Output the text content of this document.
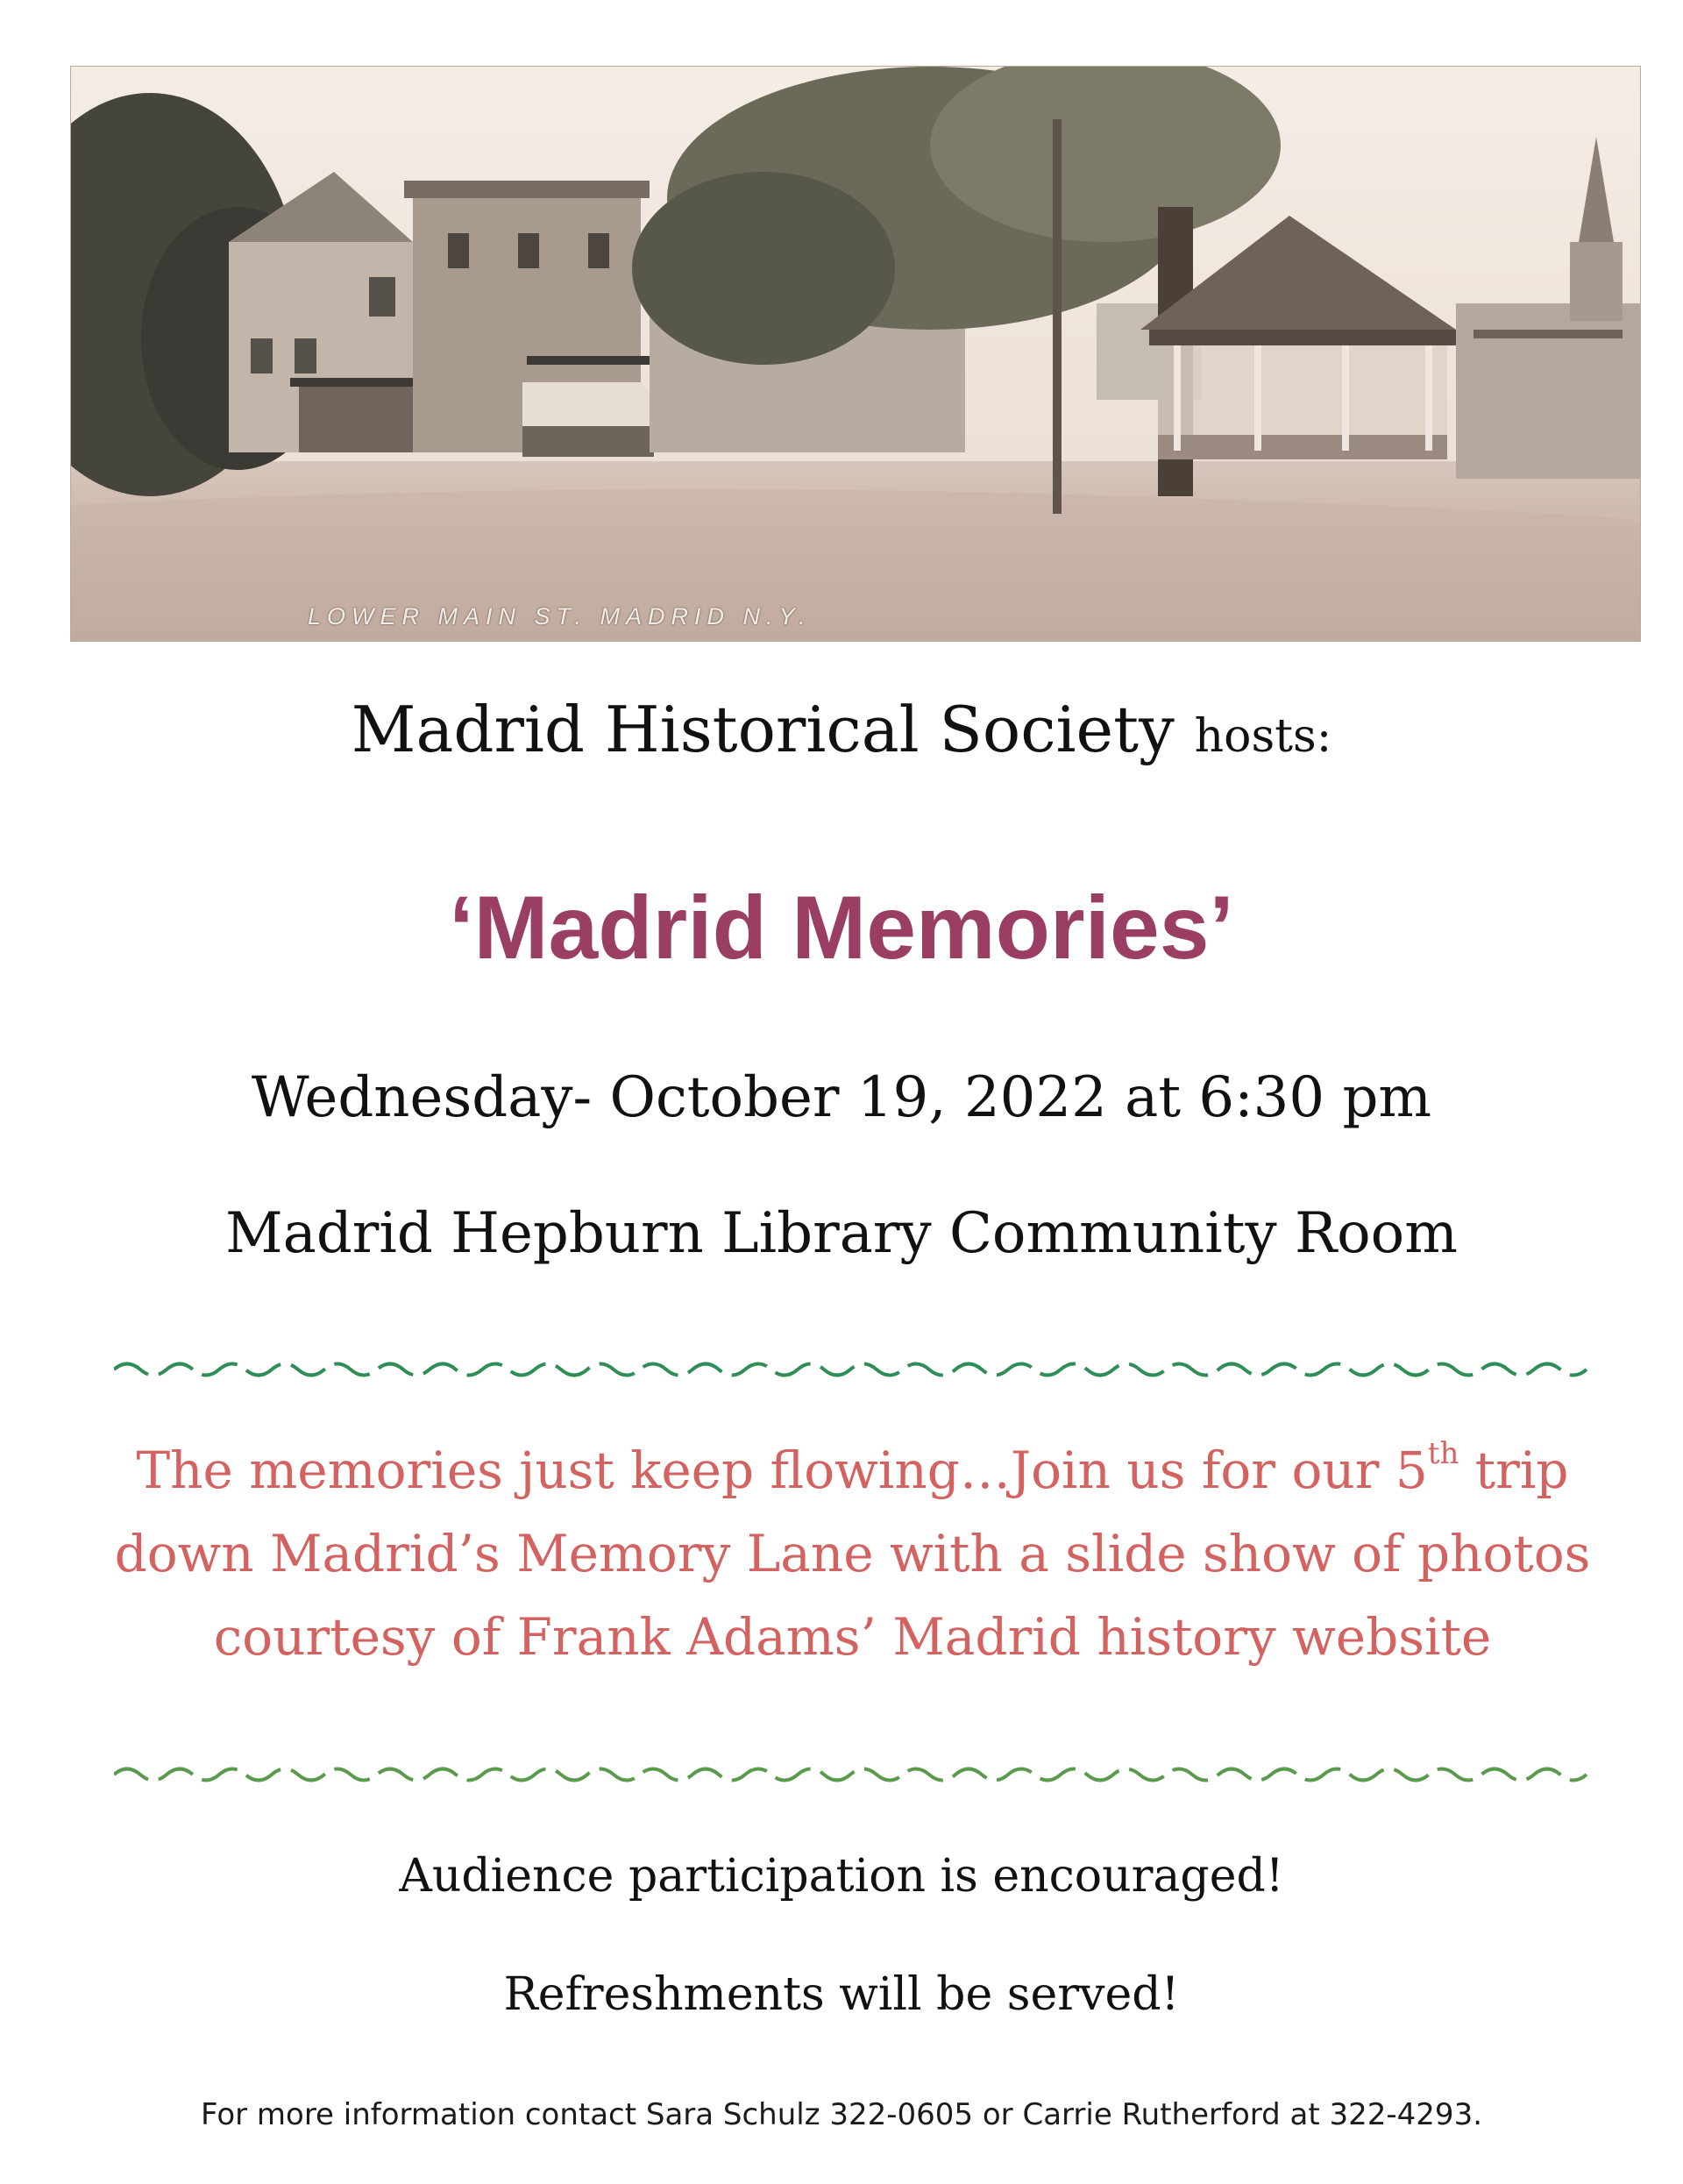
LOWER MAIN ST. MADRID N.Y.
Madrid Historical Society hosts:
‘Madrid Memories’
Wednesday- October 19, 2022 at 6:30 pm
Madrid Hepburn Library Community Room
The memories just keep flowing…Join us for our 5th trip
down Madrid’s Memory Lane with a slide show of photos
courtesy of Frank Adams’ Madrid history website
Audience participation is encouraged!
Refreshments will be served!
For more information contact Sara Schulz 322-0605 or Carrie Rutherford at 322-4293.
